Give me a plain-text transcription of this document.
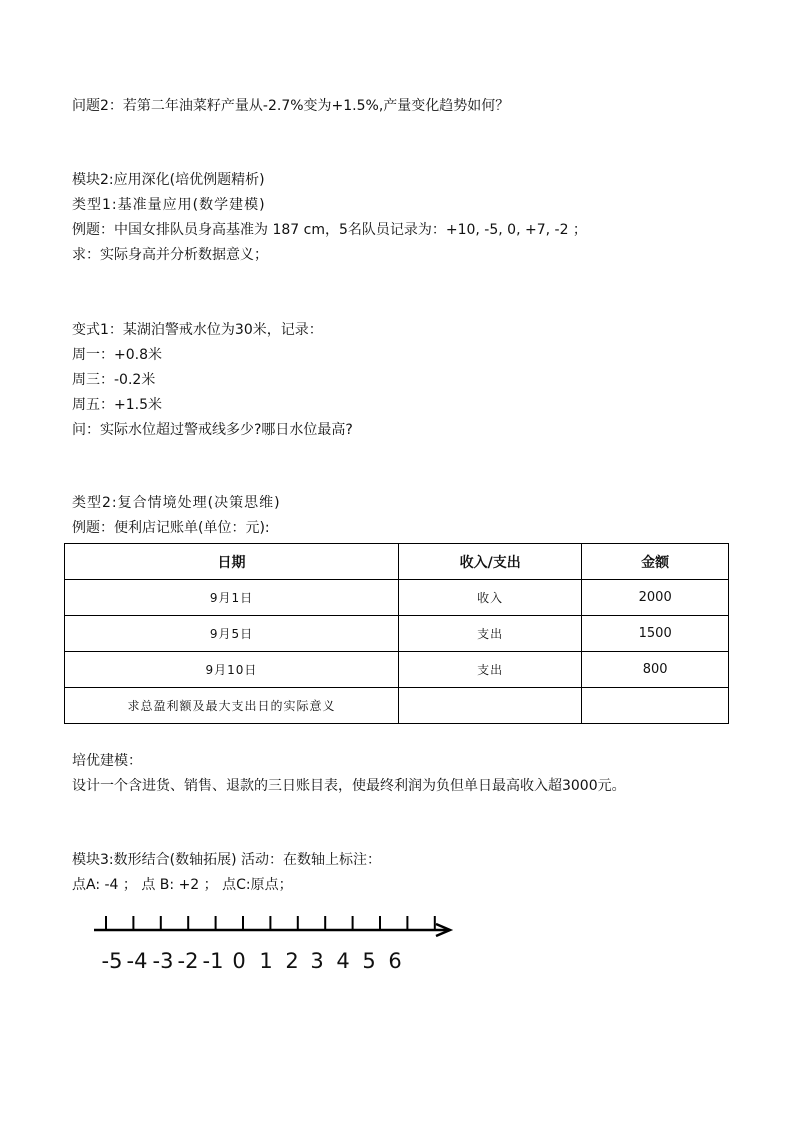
问题2：若第二年油菜籽产量从-2.7%变为+1.5%,产量变化趋势如何？
模块2:应用深化(培优例题精析)
类型1:基准量应用(数学建模)
例题：中国女排队员身高基准为 187 cm，5名队员记录为：+10, -5, 0, +7, -2 ；
求：实际身高并分析数据意义；
变式1：某湖泊警戒水位为30米，记录：
周一：+0.8米
周三：-0.2米
周五：+1.5米
问：实际水位超过警戒线多少?哪日水位最高?
类型2:复合情境处理(决策思维)
例题：便利店记账单(单位：元):
日期	收入/支出	金额
9月1日	收入	2000
9月5日	支出	1500
9月10日	支出	800
求总盈利额及最大支出日的实际意义		
培优建模：
设计一个含进货、销售、退款的三日账目表，使最终利润为负但单日最高收入超3000元。
模块3:数形结合(数轴拓展) 活动：在数轴上标注：
点A: -4 ； 点 B: +2 ； 点C:原点；
-5 -4 -3 -2 -1 0 1 2 3 4 5 6
